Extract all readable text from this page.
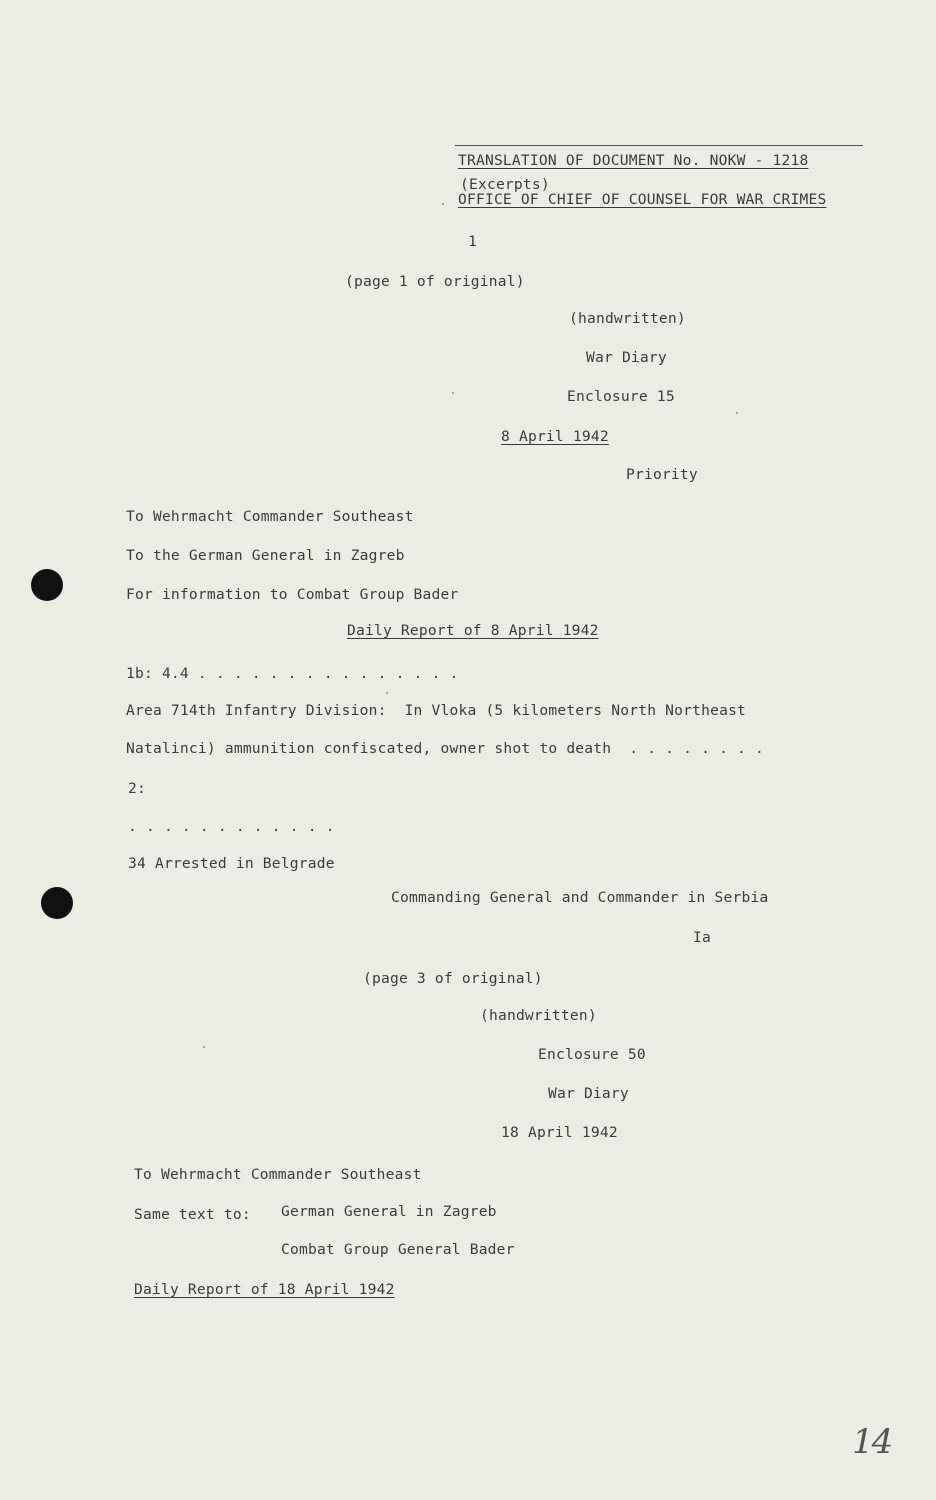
TRANSLATION OF DOCUMENT No. NOKW - 1218
(Excerpts)
OFFICE OF CHIEF OF COUNSEL FOR WAR CRIMES
1
(page 1 of original)
(handwritten)
War Diary
Enclosure 15
8 April 1942
Priority
To Wehrmacht Commander Southeast
To the German General in Zagreb
For information to Combat Group Bader
Daily Report of 8 April 1942
1b: 4.4 . . . . . . . . . . . . . . .
Area 714th Infantry Division:  In Vloka (5 kilometers North Northeast
Natalinci) ammunition confiscated, owner shot to death  . . . . . . . .
2:
. . . . . . . . . . . .
34 Arrested in Belgrade
Commanding General and Commander in Serbia
Ia
(page 3 of original)
(handwritten)
Enclosure 50
War Diary
18 April 1942
To Wehrmacht Commander Southeast
Same text to: German General in Zagreb
Combat Group General Bader
Daily Report of 18 April 1942
14
